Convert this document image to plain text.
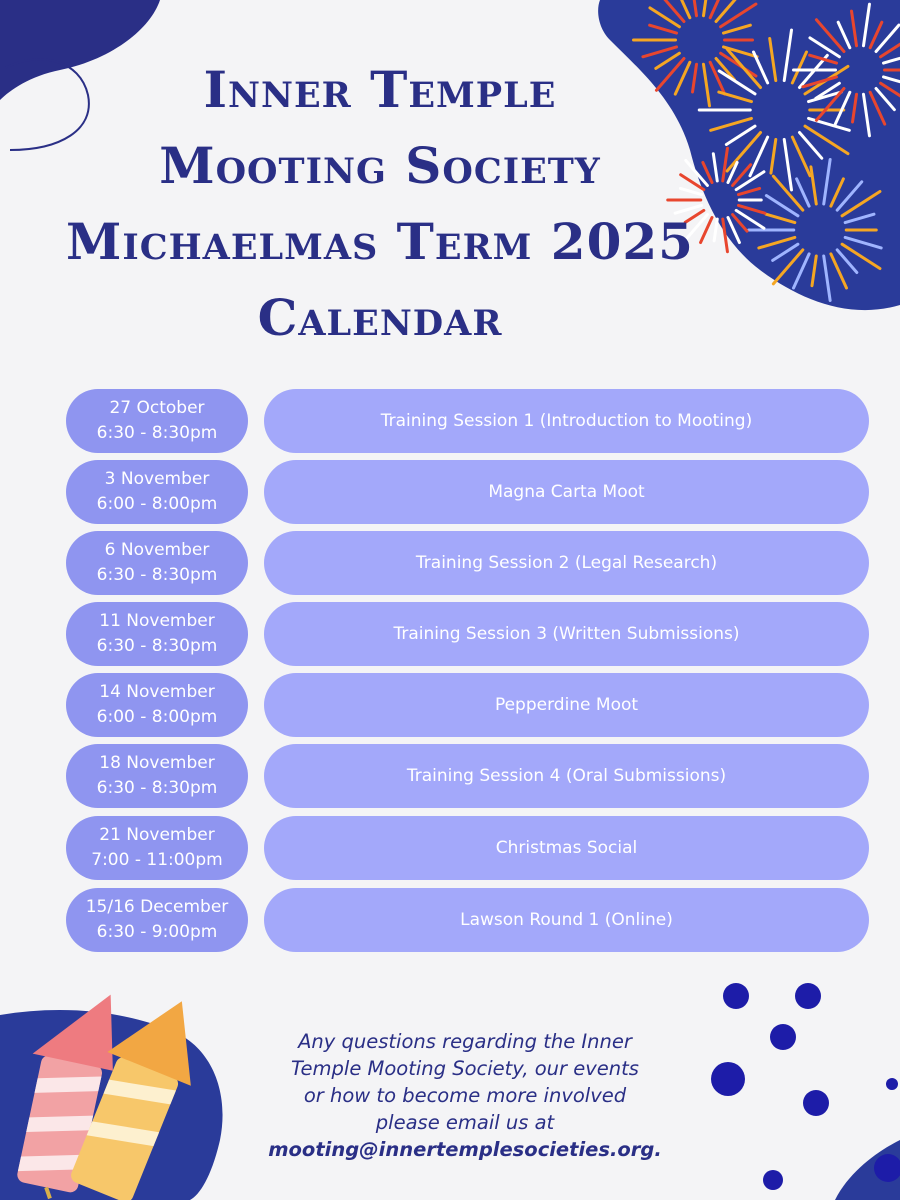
Inner Temple
Mooting Society
Michaelmas Term 2025
Calendar
27 October
6:30 - 8:30pm
Training Session 1 (Introduction to Mooting)
3 November
6:00 - 8:00pm
Magna Carta Moot
6 November
6:30 - 8:30pm
Training Session 2 (Legal Research)
11 November
6:30 - 8:30pm
Training Session 3 (Written Submissions)
14 November
6:00 - 8:00pm
Pepperdine Moot
18 November
6:30 - 8:30pm
Training Session 4 (Oral Submissions)
21 November
7:00 - 11:00pm
Christmas Social
15/16 December
6:30 - 9:00pm
Lawson Round 1 (Online)
Any questions regarding the Inner
Temple Mooting Society, our events
or how to become more involved
please email us at
mooting@innertemplesocieties.org.
